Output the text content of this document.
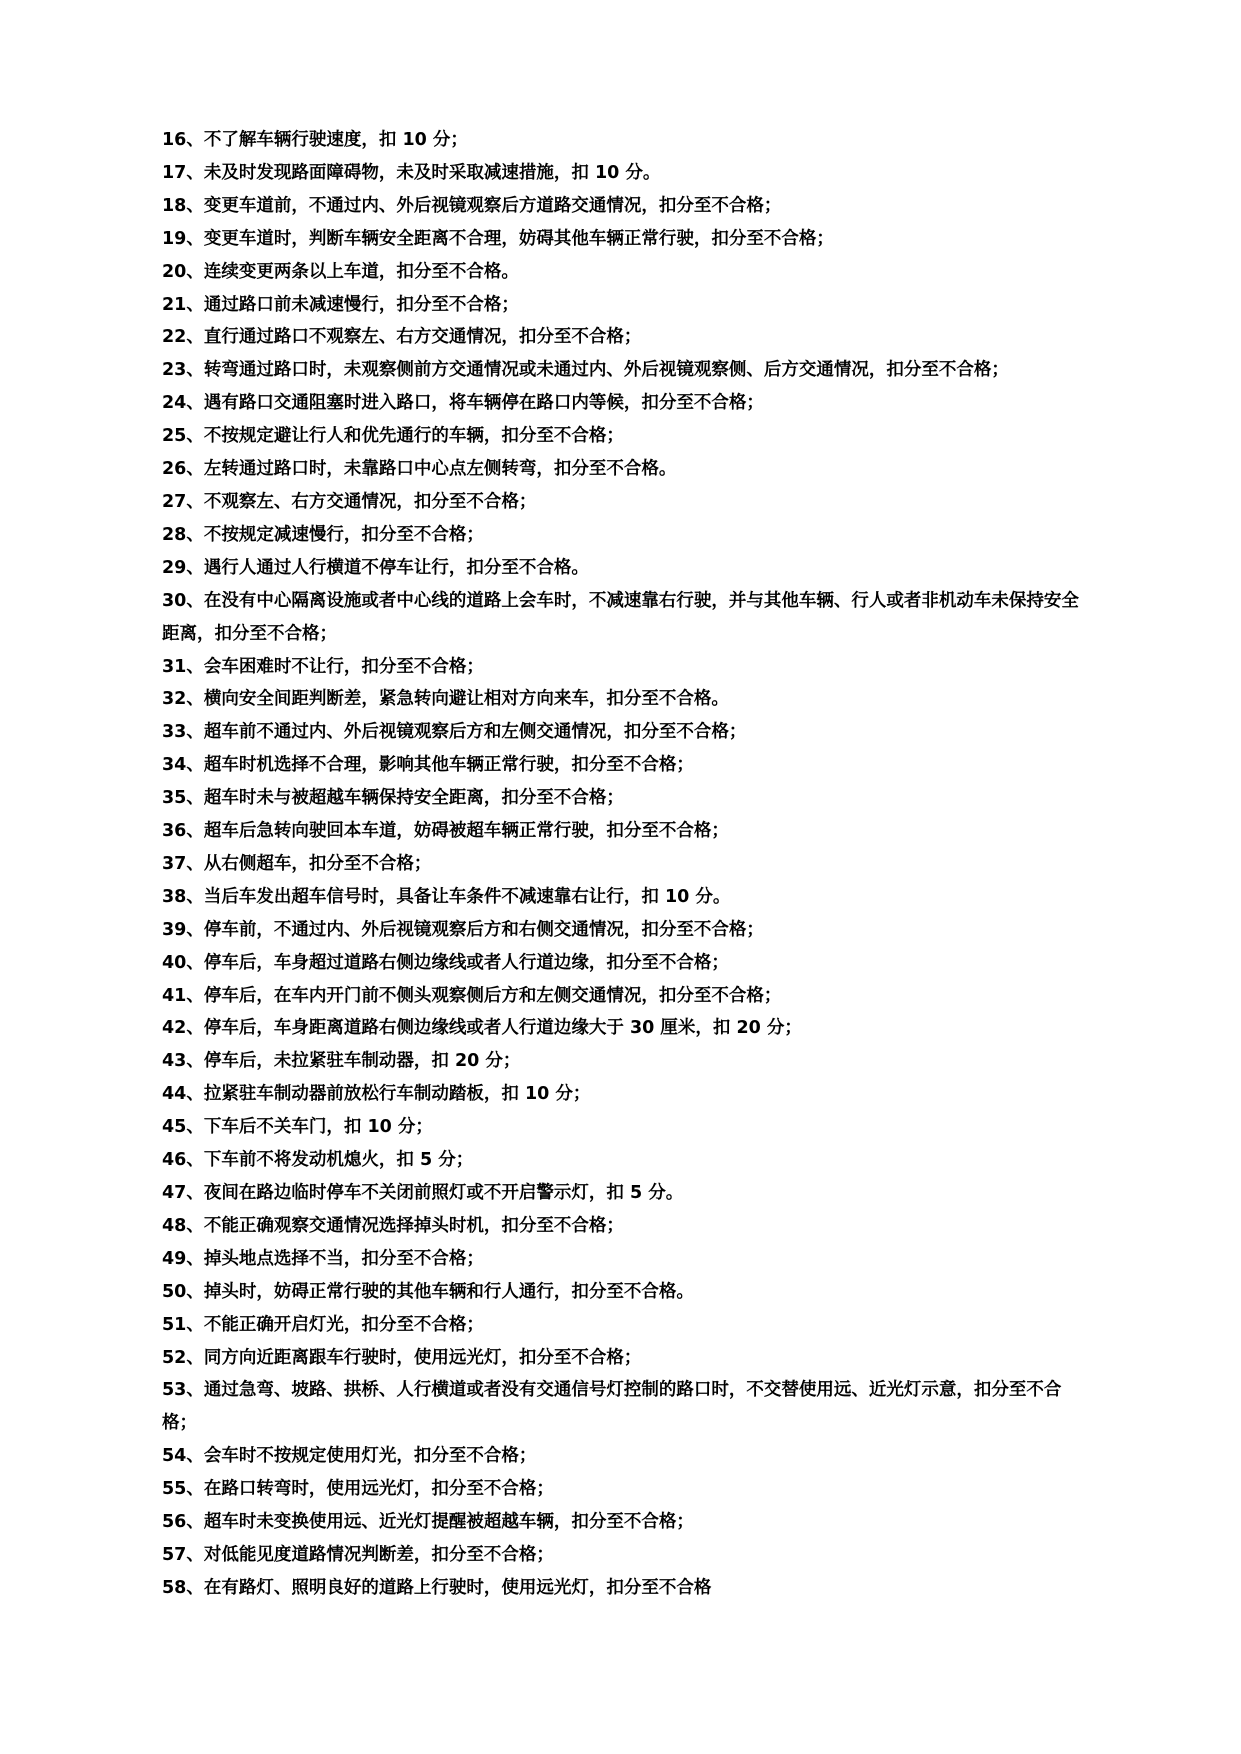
16、不了解车辆行驶速度，扣 10 分；

17、未及时发现路面障碍物，未及时采取减速措施，扣 10 分。

18、变更车道前，不通过内、外后视镜观察后方道路交通情况，扣分至不合格；

19、变更车道时，判断车辆安全距离不合理，妨碍其他车辆正常行驶，扣分至不合格；

20、连续变更两条以上车道，扣分至不合格。

21、通过路口前未减速慢行，扣分至不合格；

22、直行通过路口不观察左、右方交通情况，扣分至不合格；

23、转弯通过路口时，未观察侧前方交通情况或未通过内、外后视镜观察侧、后方交通情况，扣分至不合格；

24、遇有路口交通阻塞时进入路口，将车辆停在路口内等候，扣分至不合格；

25、不按规定避让行人和优先通行的车辆，扣分至不合格；

26、左转通过路口时，未靠路口中心点左侧转弯，扣分至不合格。

27、不观察左、右方交通情况，扣分至不合格；

28、不按规定减速慢行，扣分至不合格；

29、遇行人通过人行横道不停车让行，扣分至不合格。

30、在没有中心隔离设施或者中心线的道路上会车时，不减速靠右行驶，并与其他车辆、行人或者非机动车未保持安全距离，扣分至不合格；

31、会车困难时不让行，扣分至不合格；

32、横向安全间距判断差，紧急转向避让相对方向来车，扣分至不合格。

33、超车前不通过内、外后视镜观察后方和左侧交通情况，扣分至不合格；

34、超车时机选择不合理，影响其他车辆正常行驶，扣分至不合格；

35、超车时未与被超越车辆保持安全距离，扣分至不合格；

36、超车后急转向驶回本车道，妨碍被超车辆正常行驶，扣分至不合格；

37、从右侧超车，扣分至不合格；

38、当后车发出超车信号时，具备让车条件不减速靠右让行，扣 10 分。

39、停车前，不通过内、外后视镜观察后方和右侧交通情况，扣分至不合格；

40、停车后，车身超过道路右侧边缘线或者人行道边缘，扣分至不合格；

41、停车后，在车内开门前不侧头观察侧后方和左侧交通情况，扣分至不合格；

42、停车后，车身距离道路右侧边缘线或者人行道边缘大于 30 厘米，扣 20 分；

43、停车后，未拉紧驻车制动器，扣 20 分；

44、拉紧驻车制动器前放松行车制动踏板，扣 10 分；

45、下车后不关车门，扣 10 分；

46、下车前不将发动机熄火，扣 5 分；

47、夜间在路边临时停车不关闭前照灯或不开启警示灯，扣 5 分。

48、不能正确观察交通情况选择掉头时机，扣分至不合格；

49、掉头地点选择不当，扣分至不合格；

50、掉头时，妨碍正常行驶的其他车辆和行人通行，扣分至不合格。

51、不能正确开启灯光，扣分至不合格；

52、同方向近距离跟车行驶时，使用远光灯，扣分至不合格；

53、通过急弯、坡路、拱桥、人行横道或者没有交通信号灯控制的路口时，不交替使用远、近光灯示意，扣分至不合格；

54、会车时不按规定使用灯光，扣分至不合格；

55、在路口转弯时，使用远光灯，扣分至不合格；

56、超车时未变换使用远、近光灯提醒被超越车辆，扣分至不合格；

57、对低能见度道路情况判断差，扣分至不合格；

58、在有路灯、照明良好的道路上行驶时，使用远光灯，扣分至不合格
